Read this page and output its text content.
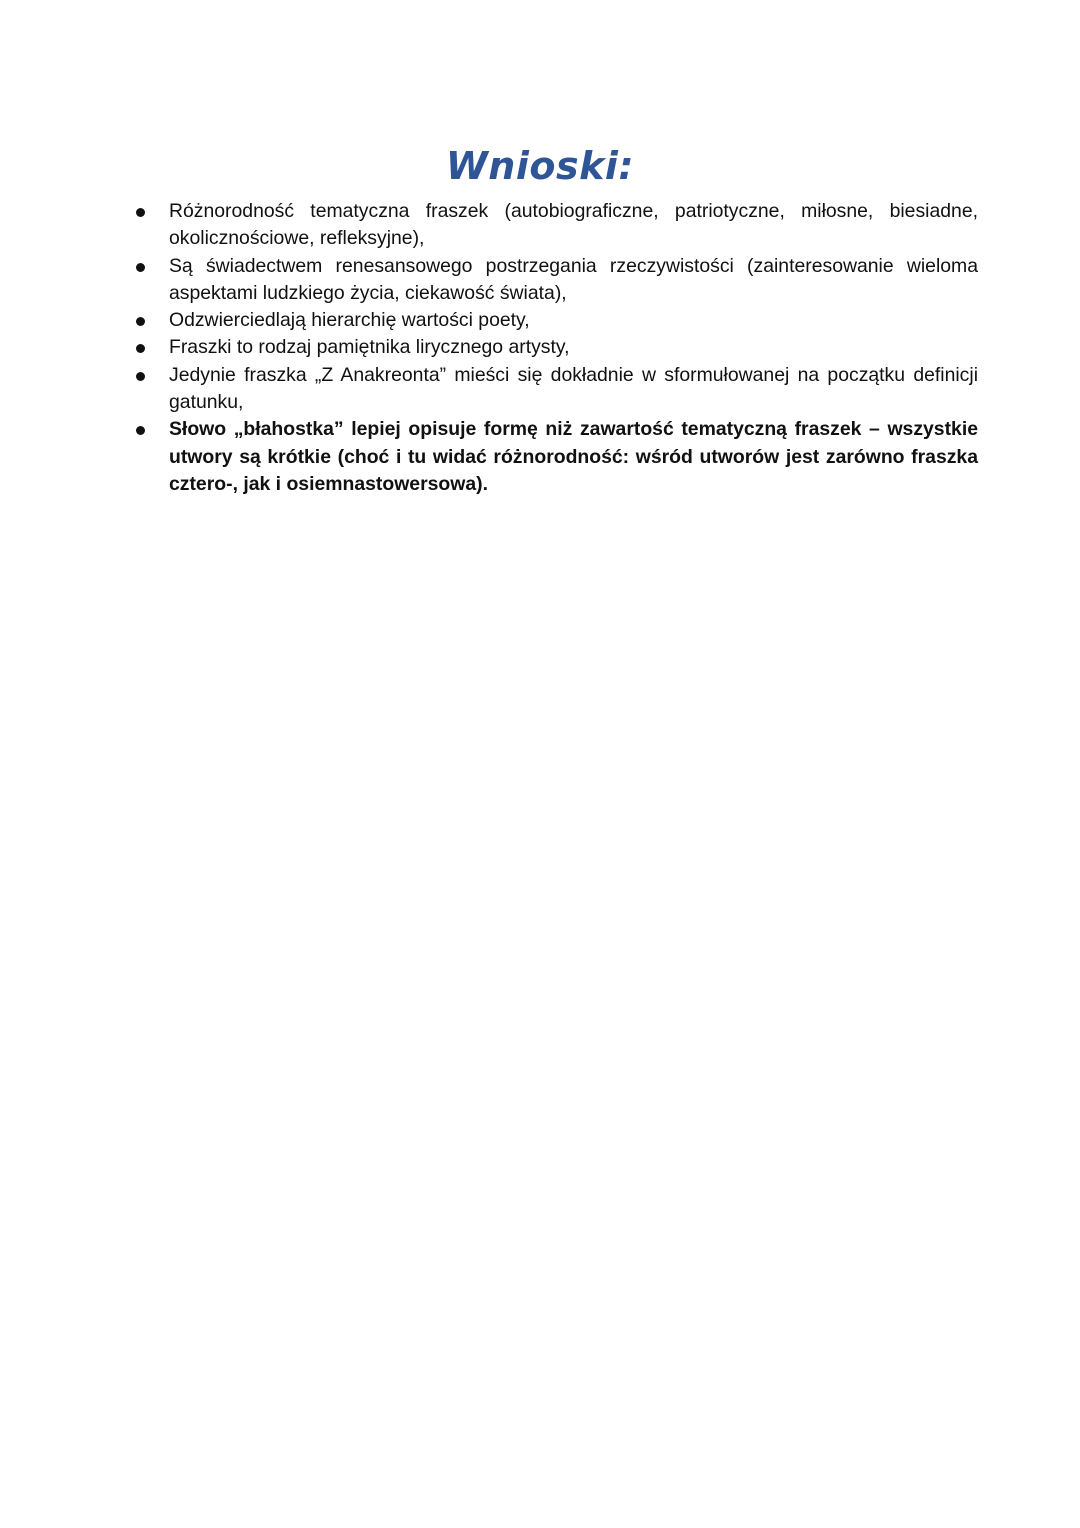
Wnioski:
Różnorodność tematyczna fraszek (autobiograficzne, patriotyczne, miłosne, biesiadne, okolicznościowe, refleksyjne),
Są świadectwem renesansowego postrzegania rzeczywistości (zainteresowanie wieloma aspektami ludzkiego życia, ciekawość świata),
Odzwierciedlają hierarchię wartości poety,
Fraszki to rodzaj pamiętnika lirycznego artysty,
Jedynie fraszka „Z Anakreonta” mieści się dokładnie w sformułowanej na początku definicji gatunku,
Słowo „błahostka” lepiej opisuje formę niż zawartość tematyczną fraszek – wszystkie utwory są krótkie (choć i tu widać różnorodność: wśród utworów jest zarówno fraszka cztero-, jak i osiemnastowersowa).
